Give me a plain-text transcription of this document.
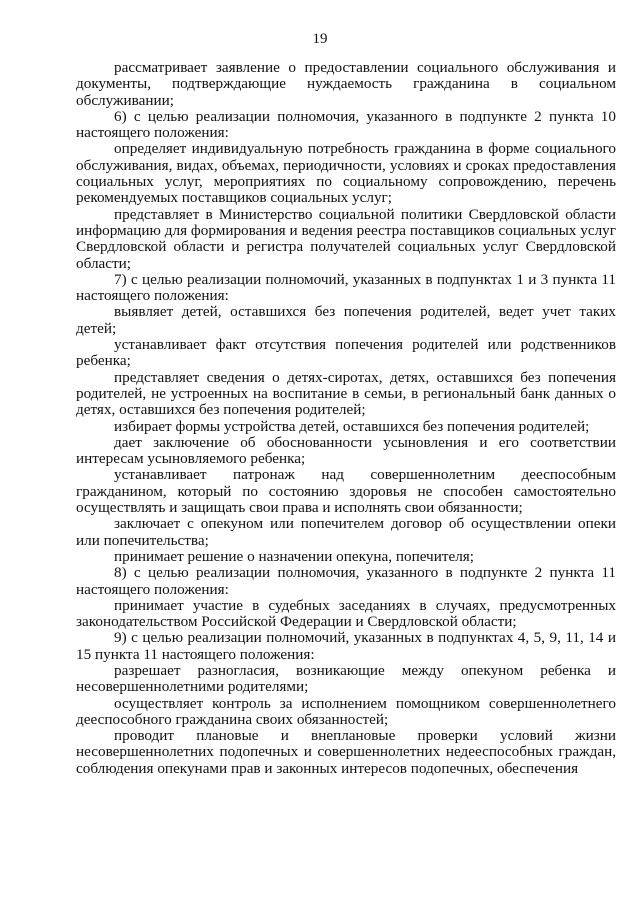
19

рассматривает заявление о предоставлении социального обслуживания и документы, подтверждающие нуждаемость гражданина в социальном обслуживании;

6) с целью реализации полномочия, указанного в подпункте 2 пункта 10 настоящего положения:

определяет индивидуальную потребность гражданина в форме социального обслуживания, видах, объемах, периодичности, условиях и сроках предоставления социальных услуг, мероприятиях по социальному сопровождению, перечень рекомендуемых поставщиков социальных услуг;

представляет в Министерство социальной политики Свердловской области информацию для формирования и ведения реестра поставщиков социальных услуг Свердловской области и регистра получателей социальных услуг Свердловской области;

7) с целью реализации полномочий, указанных в подпунктах 1 и 3 пункта 11 настоящего положения:

выявляет детей, оставшихся без попечения родителей, ведет учет таких детей;

устанавливает факт отсутствия попечения родителей или родственников ребенка;

представляет сведения о детях-сиротах, детях, оставшихся без попечения родителей, не устроенных на воспитание в семьи, в региональный банк данных о детях, оставшихся без попечения родителей;

избирает формы устройства детей, оставшихся без попечения родителей;

дает заключение об обоснованности усыновления и его соответствии интересам усыновляемого ребенка;

устанавливает патронаж над совершеннолетним дееспособным гражданином, который по состоянию здоровья не способен самостоятельно осуществлять и защищать свои права и исполнять свои обязанности;

заключает с опекуном или попечителем договор об осуществлении опеки или попечительства;

принимает решение о назначении опекуна, попечителя;

8) с целью реализации полномочия, указанного в подпункте 2 пункта 11 настоящего положения:

принимает участие в судебных заседаниях в случаях, предусмотренных законодательством Российской Федерации и Свердловской области;

9) с целью реализации полномочий, указанных в подпунктах 4, 5, 9, 11, 14 и 15 пункта 11 настоящего положения:

разрешает разногласия, возникающие между опекуном ребенка и несовершеннолетними родителями;

осуществляет контроль за исполнением помощником совершеннолетнего дееспособного гражданина своих обязанностей;

проводит плановые и внеплановые проверки условий жизни несовершеннолетних подопечных и совершеннолетних недееспособных граждан, соблюдения опекунами прав и законных интересов подопечных, обеспечения
